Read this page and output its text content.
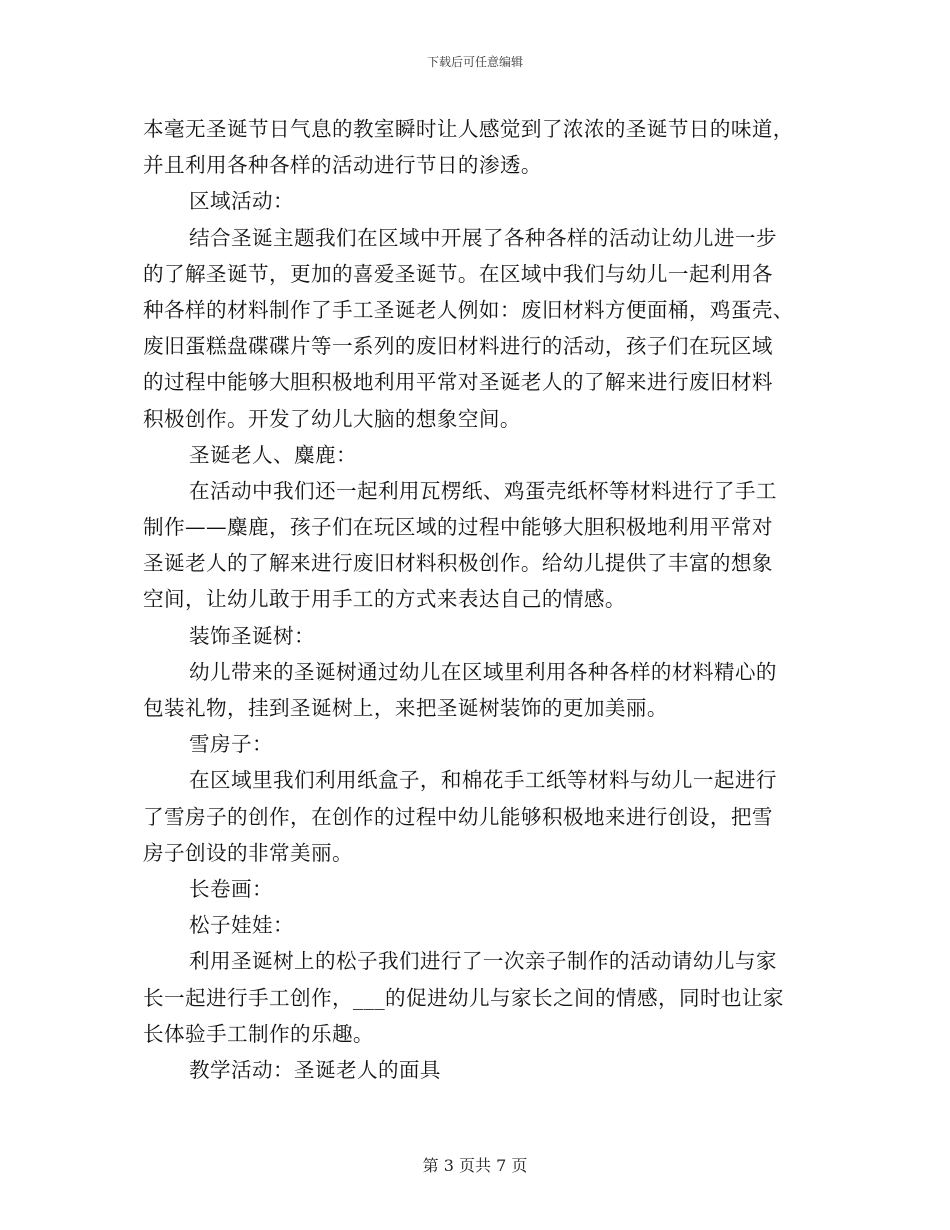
下载后可任意编辑
本毫无圣诞节日气息的教室瞬时让人感觉到了浓浓的圣诞节日的味道，
并且利用各种各样的活动进行节日的渗透。
区域活动：
结合圣诞主题我们在区域中开展了各种各样的活动让幼儿进一步
的了解圣诞节，更加的喜爱圣诞节。在区域中我们与幼儿一起利用各
种各样的材料制作了手工圣诞老人例如：废旧材料方便面桶，鸡蛋壳、
废旧蛋糕盘碟碟片等一系列的废旧材料进行的活动，孩子们在玩区域
的过程中能够大胆积极地利用平常对圣诞老人的了解来进行废旧材料
积极创作。开发了幼儿大脑的想象空间。
圣诞老人、麋鹿：
在活动中我们还一起利用瓦楞纸、鸡蛋壳纸杯等材料进行了手工
制作——麋鹿，孩子们在玩区域的过程中能够大胆积极地利用平常对
圣诞老人的了解来进行废旧材料积极创作。给幼儿提供了丰富的想象
空间，让幼儿敢于用手工的方式来表达自己的情感。
装饰圣诞树：
幼儿带来的圣诞树通过幼儿在区域里利用各种各样的材料精心的
包装礼物，挂到圣诞树上，来把圣诞树装饰的更加美丽。
雪房子：
在区域里我们利用纸盒子，和棉花手工纸等材料与幼儿一起进行
了雪房子的创作，在创作的过程中幼儿能够积极地来进行创设，把雪
房子创设的非常美丽。
长卷画：
松子娃娃：
利用圣诞树上的松子我们进行了一次亲子制作的活动请幼儿与家
长一起进行手工创作，___的促进幼儿与家长之间的情感，同时也让家
长体验手工制作的乐趣。
教学活动：圣诞老人的面具
第 3 页共 7 页
